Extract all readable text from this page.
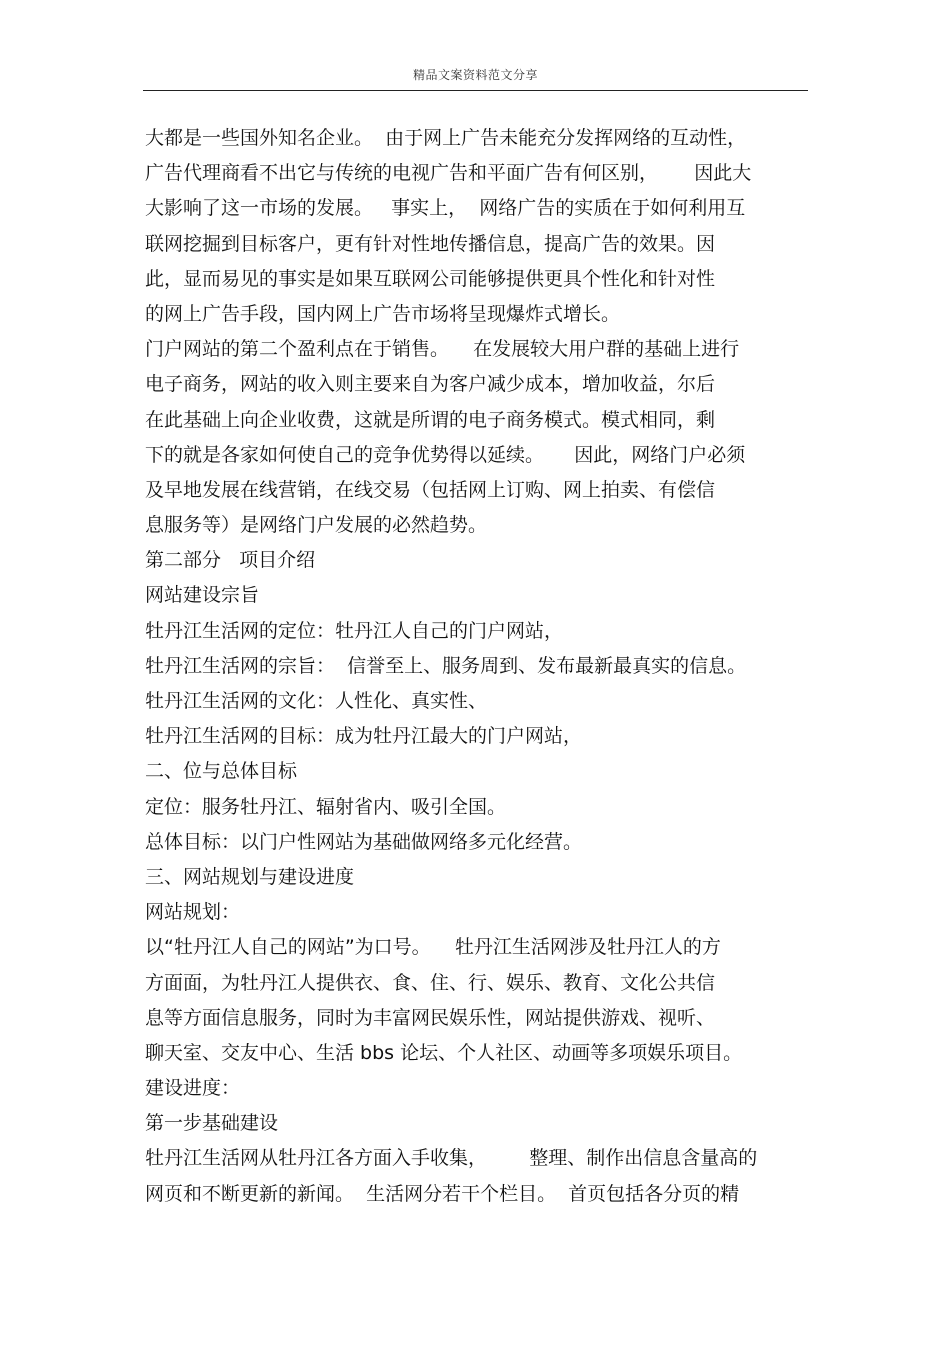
精品文案资料范文分享
大都是一些国外知名企业。  由于网上广告未能充分发挥网络的互动性，
广告代理商看不出它与传统的电视广告和平面广告有何区别，      因此大
大影响了这一市场的发展。   事实上，  网络广告的实质在于如何利用互
联网挖掘到目标客户，更有针对性地传播信息，提高广告的效果。因
此，显而易见的事实是如果互联网公司能够提供更具个性化和针对性
的网上广告手段，国内网上广告市场将呈现爆炸式增长。
门户网站的第二个盈利点在于销售。    在发展较大用户群的基础上进行
电子商务，网站的收入则主要来自为客户减少成本，增加收益，尔后
在此基础上向企业收费，这就是所谓的电子商务模式。模式相同，剩
下的就是各家如何使自己的竞争优势得以延续。     因此，网络门户必须
及早地发展在线营销，在线交易（包括网上订购、网上拍卖、有偿信
息服务等）是网络门户发展的必然趋势。
第二部分   项目介绍
网站建设宗旨
牡丹江生活网的定位：牡丹江人自己的门户网站，
牡丹江生活网的宗旨：  信誉至上、服务周到、发布最新最真实的信息。
牡丹江生活网的文化：人性化、真实性、
牡丹江生活网的目标：成为牡丹江最大的门户网站，
二、位与总体目标
定位：服务牡丹江、辐射省内、吸引全国。
总体目标：以门户性网站为基础做网络多元化经营。
三、网站规划与建设进度
网站规划：
以“牡丹江人自己的网站”为口号。    牡丹江生活网涉及牡丹江人的方
方面面，为牡丹江人提供衣、食、住、行、娱乐、教育、文化公共信
息等方面信息服务，同时为丰富网民娱乐性，网站提供游戏、视听、
聊天室、交友中心、生活 bbs 论坛、个人社区、动画等多项娱乐项目。
建设进度：
第一步基础建设
牡丹江生活网从牡丹江各方面入手收集，       整理、制作出信息含量高的
网页和不断更新的新闻。  生活网分若干个栏目。  首页包括各分页的精
